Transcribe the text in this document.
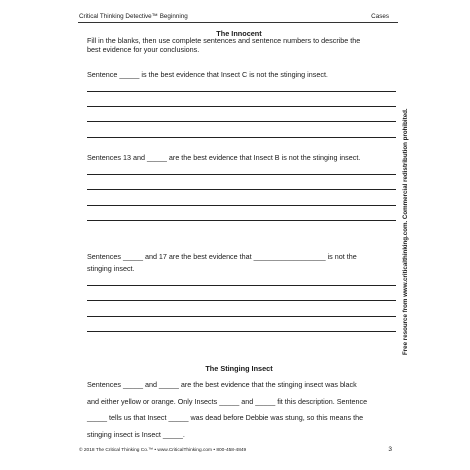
Critical Thinking Detective™ Beginning	Cases
The Innocent
Fill in the blanks, then use complete sentences and sentence numbers to describe the
best evidence for your conclusions.
Sentence _____ is the best evidence that Insect C is not the stinging insect.
Sentences 13 and _____ are the best evidence that Insect B is not the stinging insect.
Sentences _____ and 17 are the best evidence that __________________ is not the
stinging insect.
The Stinging Insect
Sentences _____ and _____ are the best evidence that the stinging insect was black
and either yellow or orange. Only Insects _____ and _____ fit this description. Sentence
_____ tells us that Insect _____ was dead before Debbie was stung, so this means the
stinging insect is Insect _____.
Free resource from www.criticalthinking.com. Commercial redistribution prohibited.
© 2018 The Critical Thinking Co.™ • www.CriticalThinking.com • 800-458-4849	3
